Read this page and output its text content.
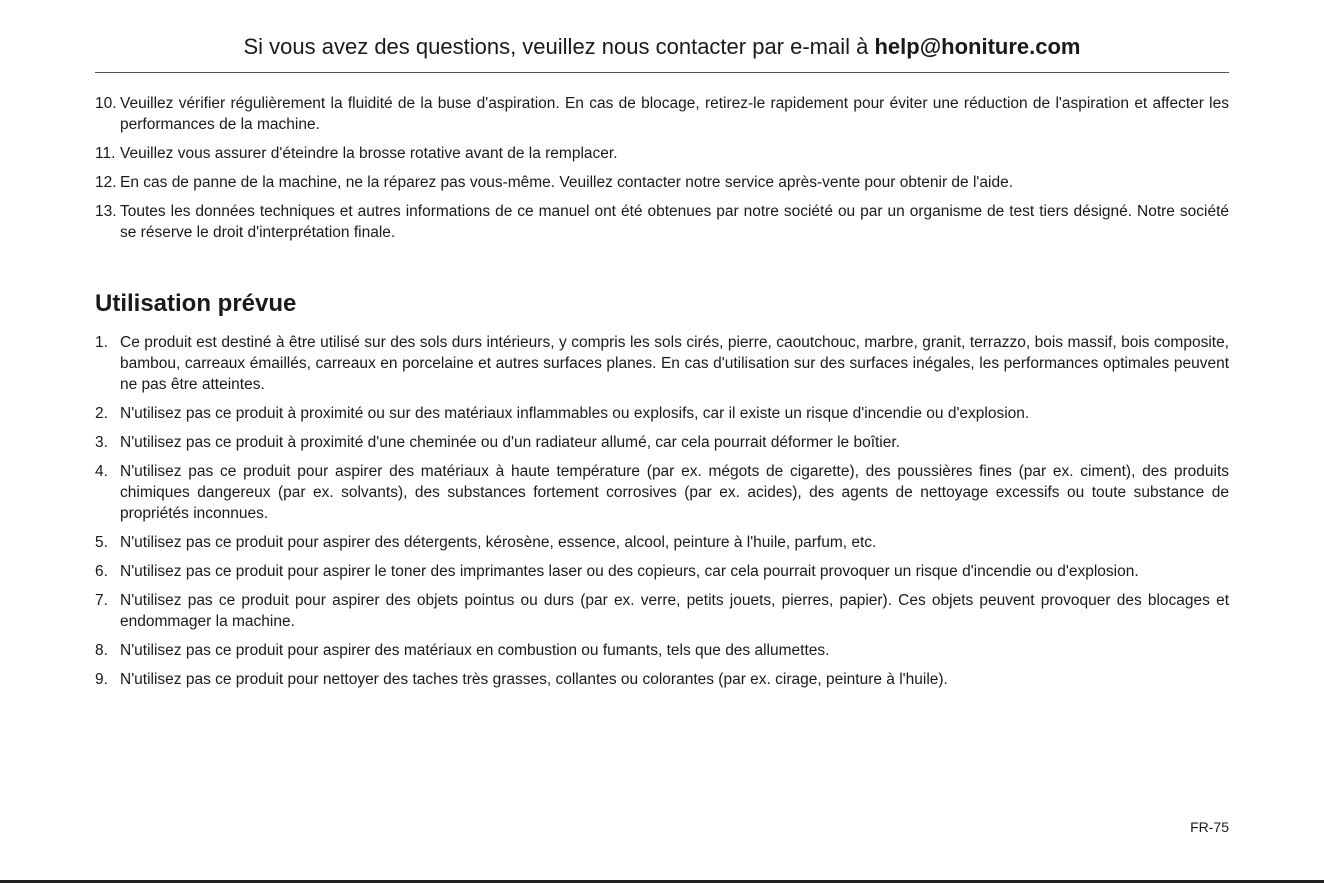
Si vous avez des questions, veuillez nous contacter par e-mail à help@honiture.com
10. Veuillez vérifier régulièrement la fluidité de la buse d'aspiration. En cas de blocage, retirez-le rapidement pour éviter une réduction de l'aspiration et affecter les performances de la machine.
11. Veuillez vous assurer d'éteindre la brosse rotative avant de la remplacer.
12. En cas de panne de la machine, ne la réparez pas vous-même. Veuillez contacter notre service après-vente pour obtenir de l'aide.
13. Toutes les données techniques et autres informations de ce manuel ont été obtenues par notre société ou par un organisme de test tiers désigné. Notre société se réserve le droit d'interprétation finale.
Utilisation prévue
1. Ce produit est destiné à être utilisé sur des sols durs intérieurs, y compris les sols cirés, pierre, caoutchouc, marbre, granit, terrazzo, bois massif, bois composite, bambou, carreaux émaillés, carreaux en porcelaine et autres surfaces planes. En cas d'utilisation sur des surfaces inégales, les performances optimales peuvent ne pas être atteintes.
2. N'utilisez pas ce produit à proximité ou sur des matériaux inflammables ou explosifs, car il existe un risque d'incendie ou d'explosion.
3. N'utilisez pas ce produit à proximité d'une cheminée ou d'un radiateur allumé, car cela pourrait déformer le boîtier.
4. N'utilisez pas ce produit pour aspirer des matériaux à haute température (par ex. mégots de cigarette), des poussières fines (par ex. ciment), des produits chimiques dangereux (par ex. solvants), des substances fortement corrosives (par ex. acides), des agents de nettoyage excessifs ou toute substance de propriétés inconnues.
5. N'utilisez pas ce produit pour aspirer des détergents, kérosène, essence, alcool, peinture à l'huile, parfum, etc.
6. N'utilisez pas ce produit pour aspirer le toner des imprimantes laser ou des copieurs, car cela pourrait provoquer un risque d'incendie ou d'explosion.
7. N'utilisez pas ce produit pour aspirer des objets pointus ou durs (par ex. verre, petits jouets, pierres, papier). Ces objets peuvent provoquer des blocages et endommager la machine.
8. N'utilisez pas ce produit pour aspirer des matériaux en combustion ou fumants, tels que des allumettes.
9. N'utilisez pas ce produit pour nettoyer des taches très grasses, collantes ou colorantes (par ex. cirage, peinture à l'huile).
FR-75
